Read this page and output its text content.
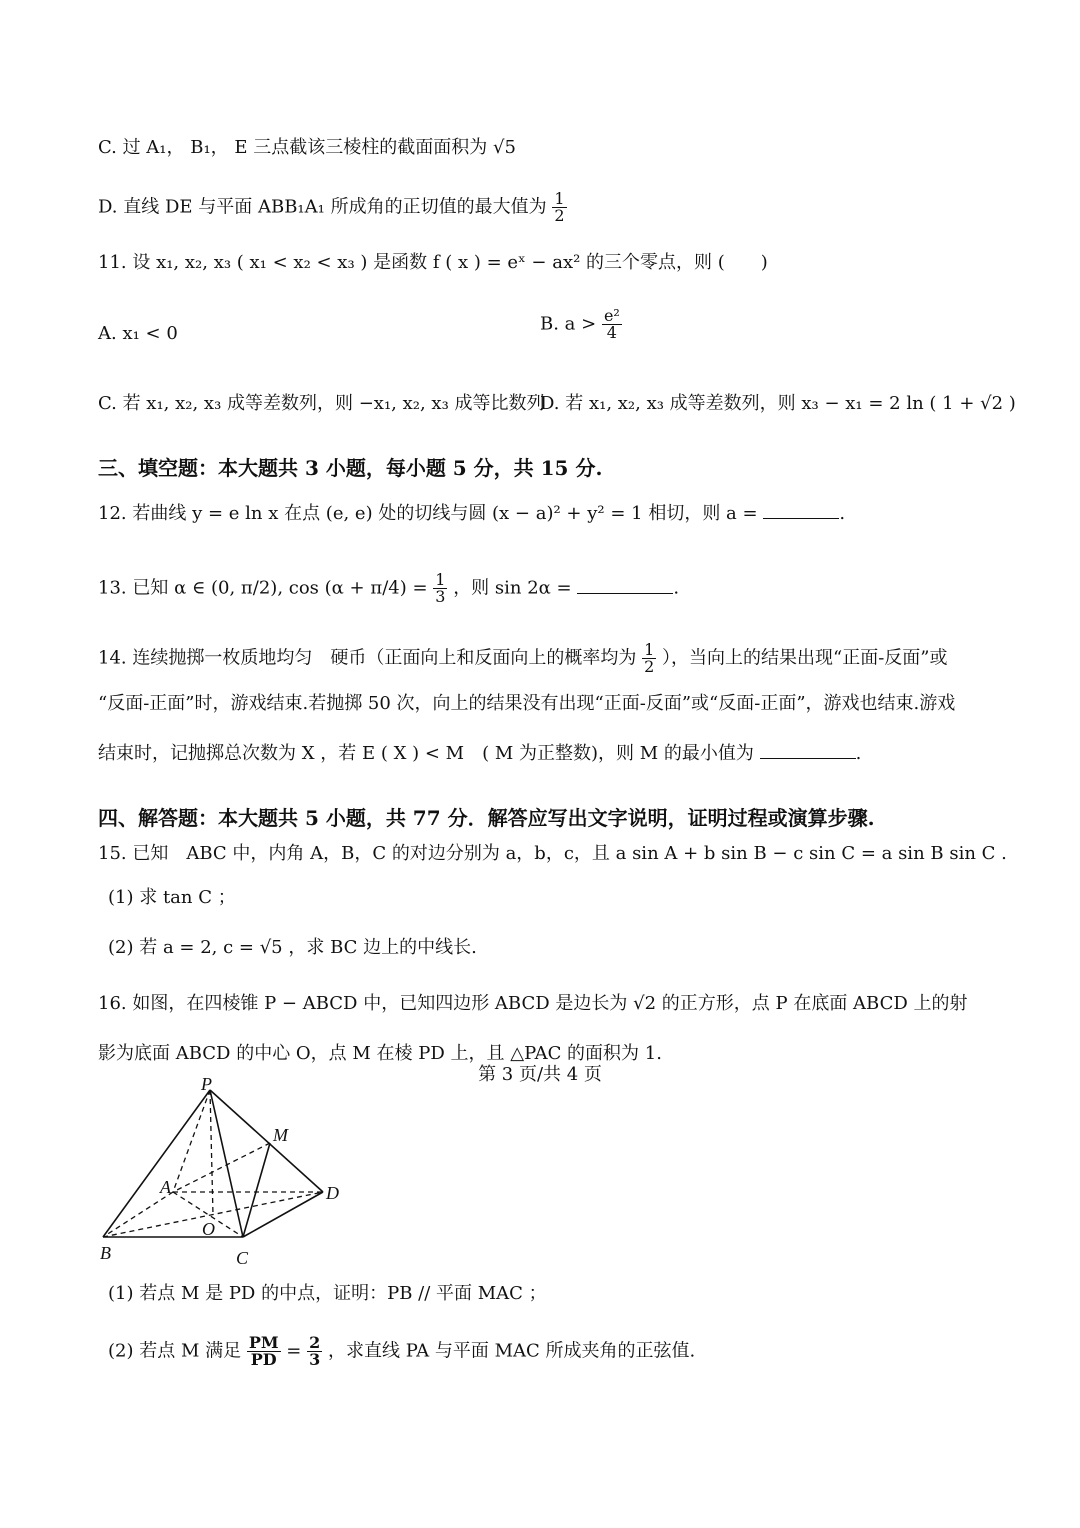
C. 过 A₁， B₁， E 三点截该三棱柱的截面面积为 √5
D. 直线 DE 与平面 ABB₁A₁ 所成角的正切值的最大值为 $\frac{1}{2}$
11. 设 x₁, x₂, x₃ ( x₁ < x₂ < x₃ ) 是函数 f ( x ) = eˣ − ax² 的三个零点，则 (　　)
A. x₁ < 0	B. $a > \frac{\text{e²}}{4}$
C. 若 x₁, x₂, x₃ 成等差数列，则 −x₁, x₂, x₃ 成等比数列
D. 若 x₁, x₂, x₃ 成等差数列，则 x₃ − x₁ = 2 ln ( 1 + √2 )
三、填空题：本大题共 3 小题，每小题 5 分，共 15 分.
12. 若曲线 y = e ln x 在点 (e, e) 处的切线与圆 (x − a)² + y² = 1 相切，则 a =	.
13. 已知 α ∈ (0, π/2), $\cos (\alpha + \pi/4) = \frac{1}{3}$ ，则 sin 2α =	.
14. 连续抛掷一枚质地均匀　硬币（正面向上和反面向上的概率均为 $\frac{1}{2}$ ），当向上的结果出现“正面-反面”或
“反面-正面”时，游戏结束.若抛掷 50 次，向上的结果没有出现“正面-反面”或“反面-正面”，游戏也结束.游戏
结束时，记抛掷总次数为 X ，若 E ( X ) < M　( M 为正整数)，则 M 的最小值为	.
四、解答题：本大题共 5 小题，共 77 分．解答应写出文字说明，证明过程或演算步骤.
15. 已知　ABC 中，内角 A，B，C 的对边分别为 a，b，c，且 a sin A + b sin B − c sin C = a sin B sin C .
(1) 求 tan C ；
(2) 若 a = 2, c = √5 ，求 BC 边上的中线长.
16. 如图，在四棱锥 P − ABCD 中，已知四边形 ABCD 是边长为 √2 的正方形，点 P 在底面 ABCD 上的射
影为底面 ABCD 的中心 O，点 M 在棱 PD 上，且 △PAC 的面积为 1.
P
M
A	D
O
B	C
(1) 若点 M 是 PD 的中点，证明：PB // 平面 MAC ；
(2) 若点 M 满足 $\frac{PM}{PD} = \frac{2}{3}$ ，求直线 PA 与平面 MAC 所成夹角的正弦值.
第 3 页/共 4 页
